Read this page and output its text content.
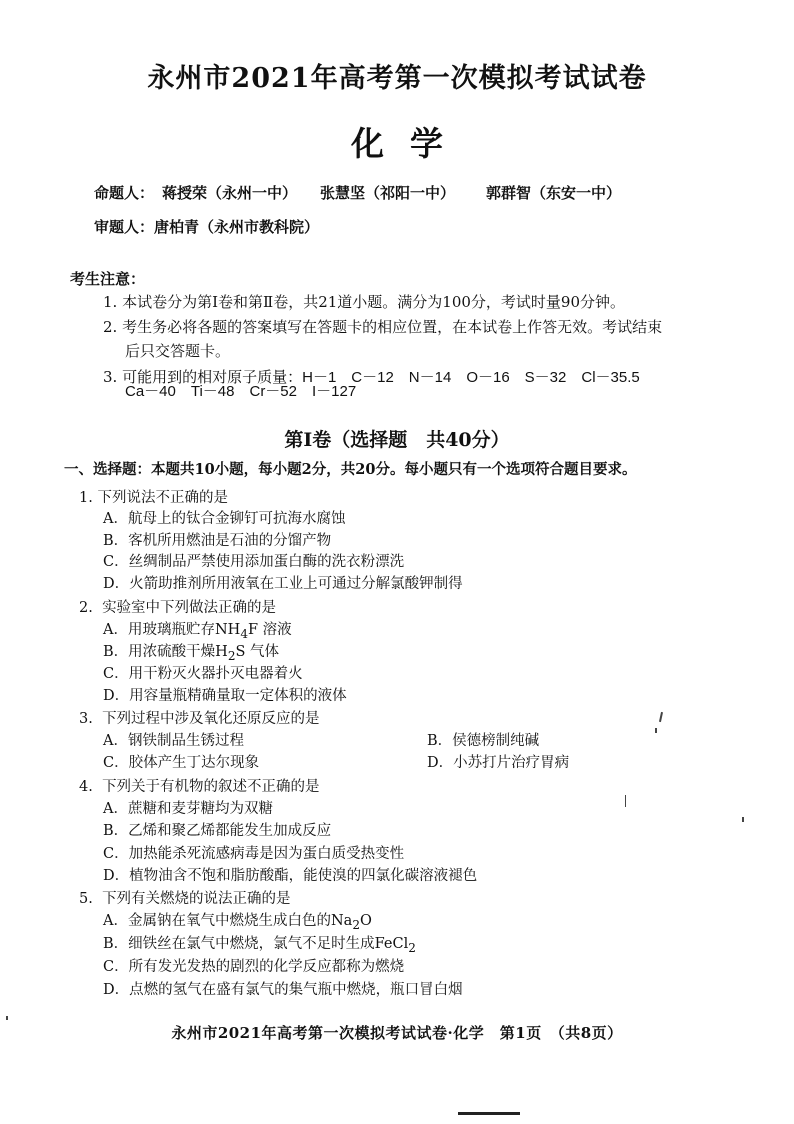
永州市2021年高考第一次模拟考试试卷
化学
命题人： 蒋授荣（永州一中） 张慧坚（祁阳一中） 郭群智（东安一中）
审题人：唐柏青（永州市教科院）
考生注意：
1. 本试卷分为第Ⅰ卷和第Ⅱ卷，共21道小题。满分为100分，考试时量90分钟。
2. 考生务必将各题的答案填写在答题卡的相应位置，在本试卷上作答无效。考试结束
后只交答题卡。
3. 可能用到的相对原子质量：H－1　C－12　N－14　O－16　S－32　Cl－35.5
Ca－40　Ti－48　Cr－52　I－127
第Ⅰ卷（选择题　共40分）
一、选择题：本题共10小题，每小题2分，共20分。每小题只有一个选项符合题目要求。
1. 下列说法不正确的是
A．航母上的钛合金铆钉可抗海水腐蚀
B．客机所用燃油是石油的分馏产物
C．丝绸制品严禁使用添加蛋白酶的洗衣粉漂洗
D．火箭助推剂所用液氧在工业上可通过分解氯酸钾制得
2. 实验室中下列做法正确的是
A．用玻璃瓶贮存$NH_4F$ 溶液
B．用浓硫酸干燥$H_2S$ 气体
C．用干粉灭火器扑灭电器着火
D．用容量瓶精确量取一定体积的液体
3. 下列过程中涉及氧化还原反应的是
A．钢铁制品生锈过程	B．侯德榜制纯碱
C．胶体产生丁达尔现象	D．小苏打片治疗胃病
4. 下列关于有机物的叙述不正确的是
A．蔗糖和麦芽糖均为双糖
B．乙烯和聚乙烯都能发生加成反应
C．加热能杀死流感病毒是因为蛋白质受热变性
D．植物油含不饱和脂肪酸酯，能使溴的四氯化碳溶液褪色
5. 下列有关燃烧的说法正确的是
A．金属钠在氧气中燃烧生成白色的$Na_2O$
B．细铁丝在氯气中燃烧，氯气不足时生成FeCl$_2$
C．所有发光发热的剧烈的化学反应都称为燃烧
D．点燃的氢气在盛有氯气的集气瓶中燃烧，瓶口冒白烟
永州市2021年高考第一次模拟考试试卷·化学　第1页　（共8页）
